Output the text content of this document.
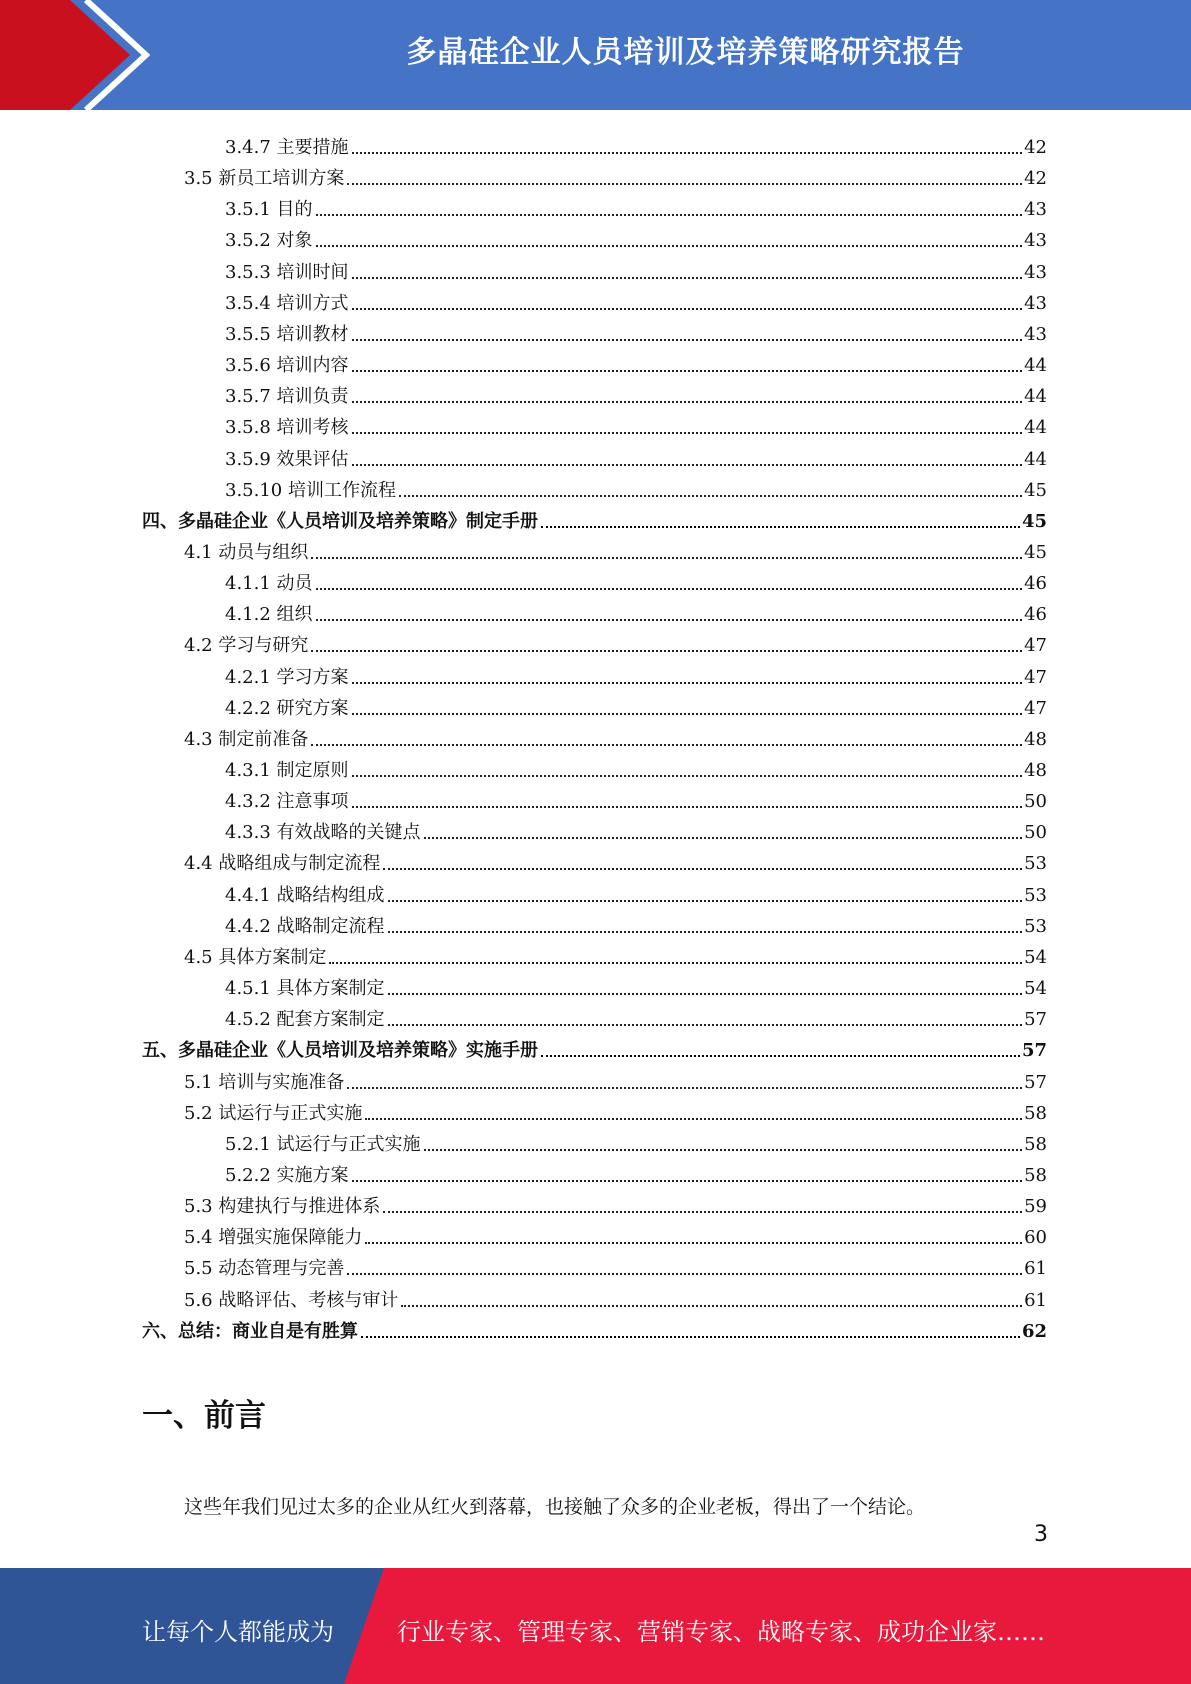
多晶硅企业人员培训及培养策略研究报告
3.4.7 主要措施	42
3.5 新员工培训方案	42
3.5.1 目的	43
3.5.2 对象	43
3.5.3 培训时间	43
3.5.4 培训方式	43
3.5.5 培训教材	43
3.5.6 培训内容	44
3.5.7 培训负责	44
3.5.8 培训考核	44
3.5.9 效果评估	44
3.5.10 培训工作流程	45
四、多晶硅企业《人员培训及培养策略》制定手册	45
4.1 动员与组织	45
4.1.1 动员	46
4.1.2 组织	46
4.2 学习与研究	47
4.2.1 学习方案	47
4.2.2 研究方案	47
4.3 制定前准备	48
4.3.1 制定原则	48
4.3.2 注意事项	50
4.3.3 有效战略的关键点	50
4.4 战略组成与制定流程	53
4.4.1 战略结构组成	53
4.4.2 战略制定流程	53
4.5 具体方案制定	54
4.5.1 具体方案制定	54
4.5.2 配套方案制定	57
五、多晶硅企业《人员培训及培养策略》实施手册	57
5.1 培训与实施准备	57
5.2 试运行与正式实施	58
5.2.1 试运行与正式实施	58
5.2.2 实施方案	58
5.3 构建执行与推进体系	59
5.4 增强实施保障能力	60
5.5 动态管理与完善	61
5.6 战略评估、考核与审计	61
六、总结：商业自是有胜算	62
一、前言
这些年我们见过太多的企业从红火到落幕，也接触了众多的企业老板，得出了一个结论。
3
让每个人都能成为	行业专家、管理专家、营销专家、战略专家、成功企业家……
